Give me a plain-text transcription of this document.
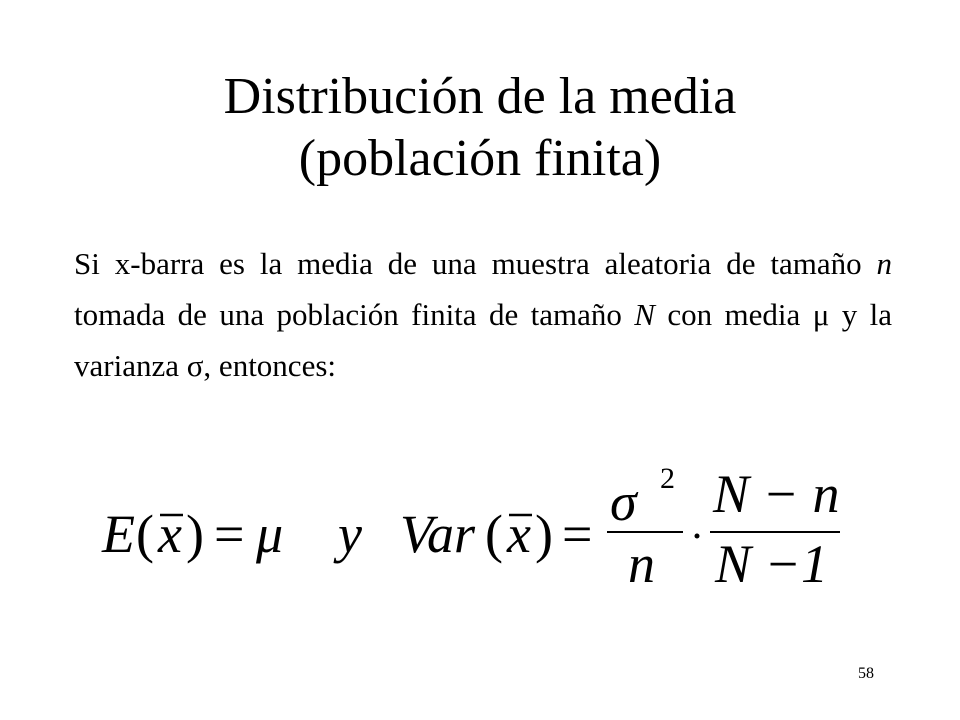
Distribución de la media
(población finita)
Si x-barra es la media de una muestra aleatoria de tamaño n tomada de una población finita de tamaño N con media μ y la varianza σ, entonces:
E ( x ) = μ y Var ( x ) =
σ 2
n
N − n
N −1
58
